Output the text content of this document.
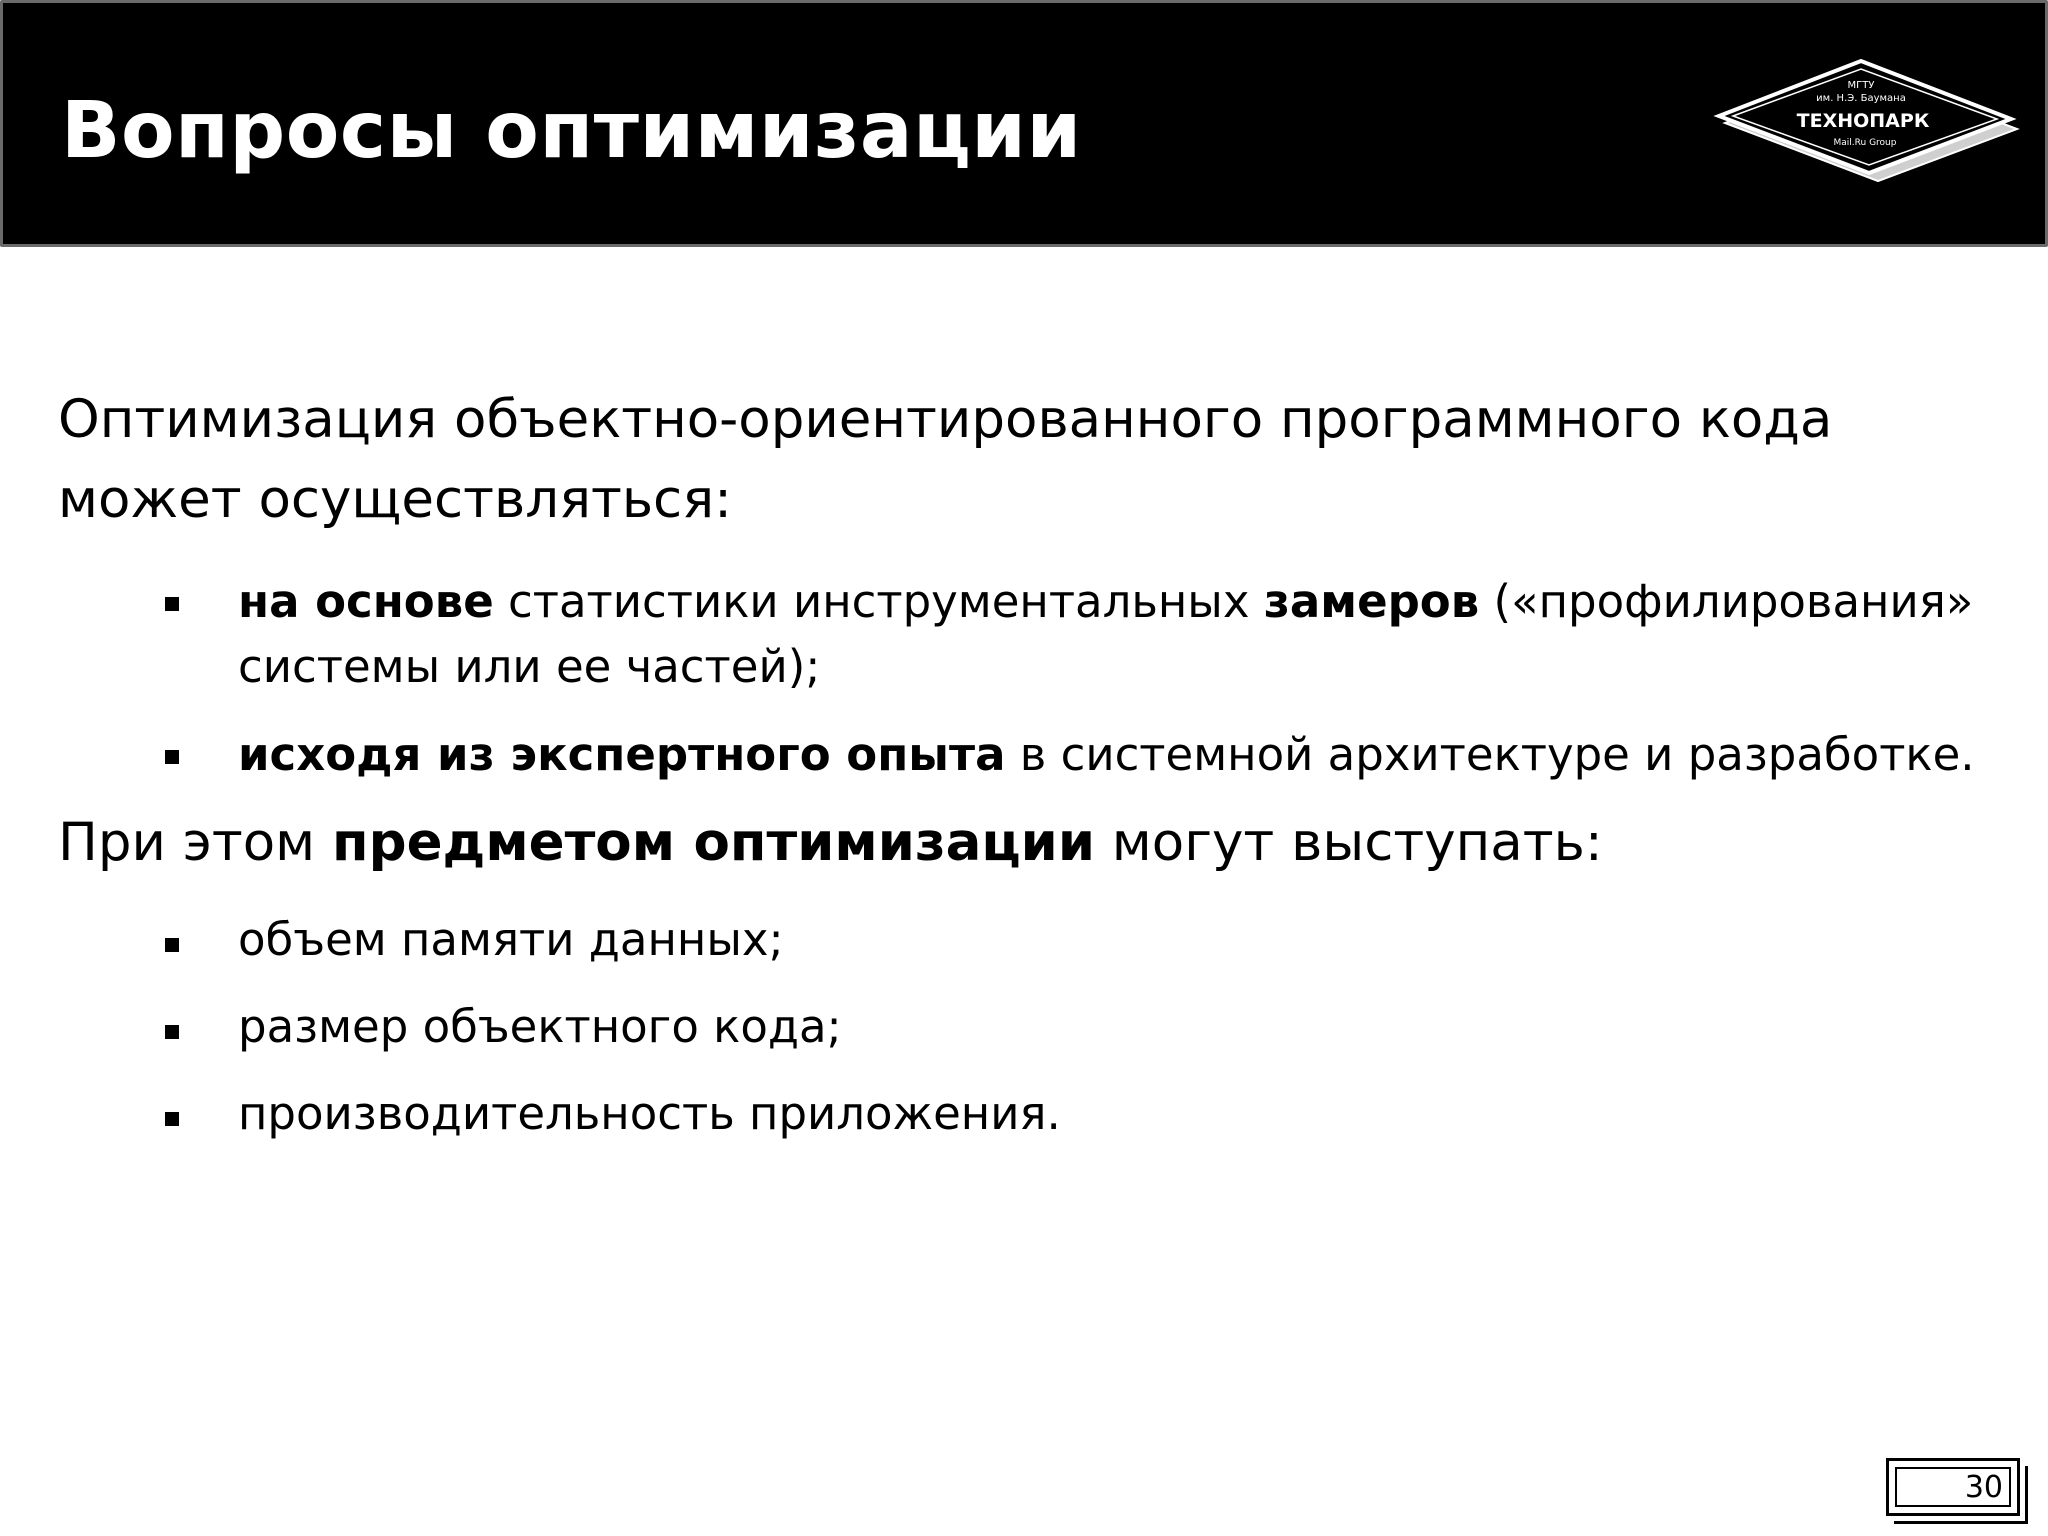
Вопросы оптимизации
МГТУ
им. Н.Э. Баумана
ТЕХНОПАРК
Mail.Ru Group

Оптимизация объектно-ориентированного программного кода может осуществляться:

на основе статистики инструментальных замеров («профилирования» системы или ее частей);
исходя из экспертного опыта в системной архитектуре и разработке.

При этом предметом оптимизации могут выступать:

объем памяти данных;
размер объектного кода;
производительность приложения.
30
